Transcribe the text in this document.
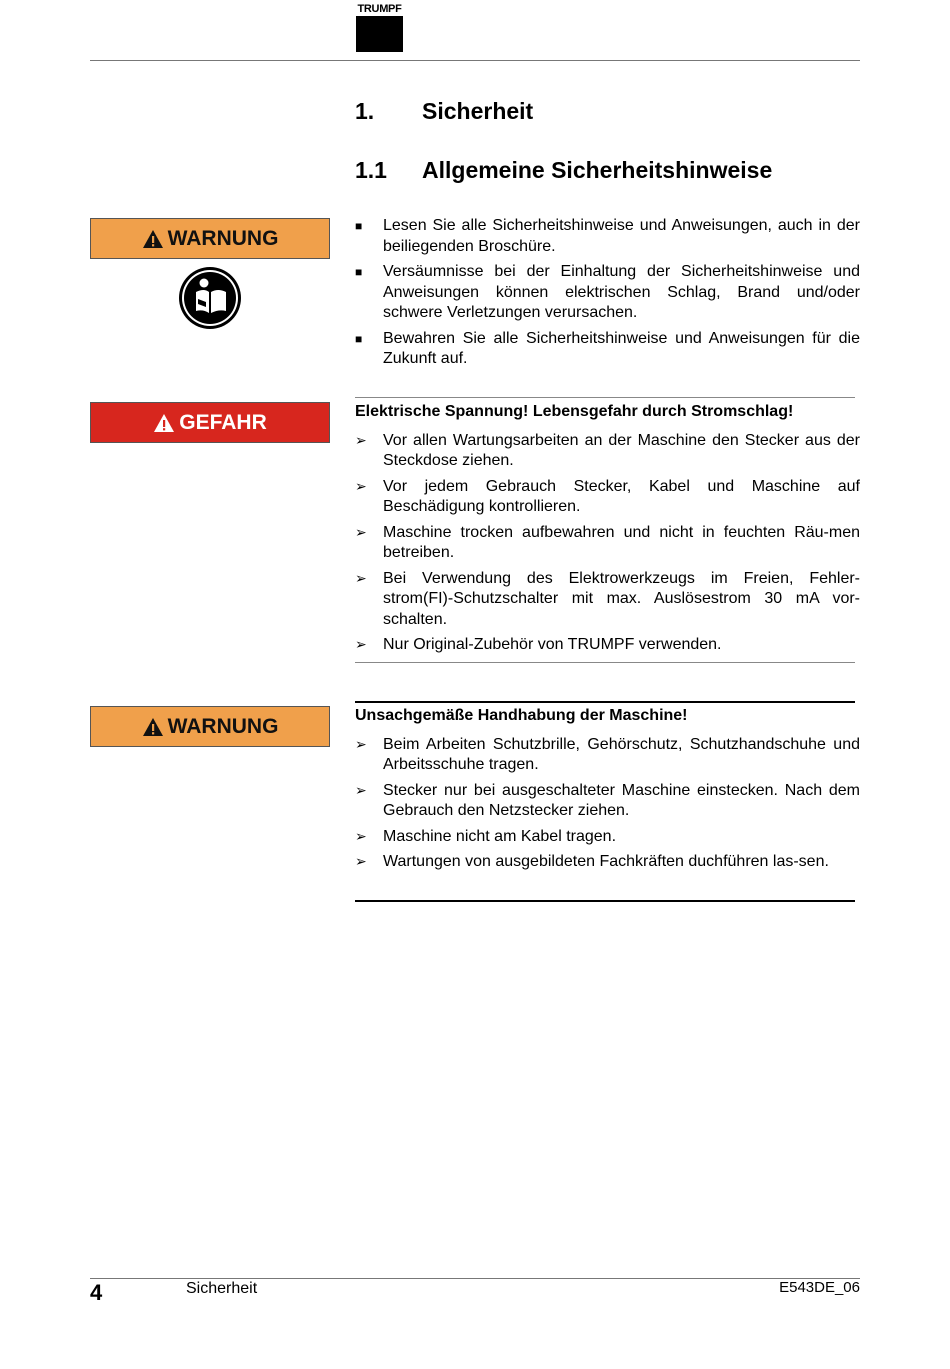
TRUMPF
1. Sicherheit
1.1 Allgemeine Sicherheitshinweise
WARNUNG
■ Lesen Sie alle Sicherheitshinweise und Anweisungen, auch in der beiliegenden Broschüre.
■ Versäumnisse bei der Einhaltung der Sicherheitshinweise und Anweisungen können elektrischen Schlag, Brand und/oder schwere Verletzungen verursachen.
■ Bewahren Sie alle Sicherheitshinweise und Anweisungen für die Zukunft auf.
GEFAHR	Elektrische Spannung! Lebensgefahr durch Stromschlag!
➢ Vor allen Wartungsarbeiten an der Maschine den Stecker aus der Steckdose ziehen.
➢ Vor jedem Gebrauch Stecker, Kabel und Maschine auf Beschädigung kontrollieren.
➢ Maschine trocken aufbewahren und nicht in feuchten Räu-men betreiben.
➢ Bei Verwendung des Elektrowerkzeugs im Freien, Fehler-strom(FI)-Schutzschalter mit max. Auslösestrom 30 mA vor-schalten.
➢ Nur Original-Zubehör von TRUMPF verwenden.
WARNUNG	Unsachgemäße Handhabung der Maschine!
➢ Beim Arbeiten Schutzbrille, Gehörschutz, Schutzhandschuhe und Arbeitsschuhe tragen.
➢ Stecker nur bei ausgeschalteter Maschine einstecken. Nach dem Gebrauch den Netzstecker ziehen.
➢ Maschine nicht am Kabel tragen.
➢ Wartungen von ausgebildeten Fachkräften duchführen las-sen.
4	Sicherheit	E543DE_06
